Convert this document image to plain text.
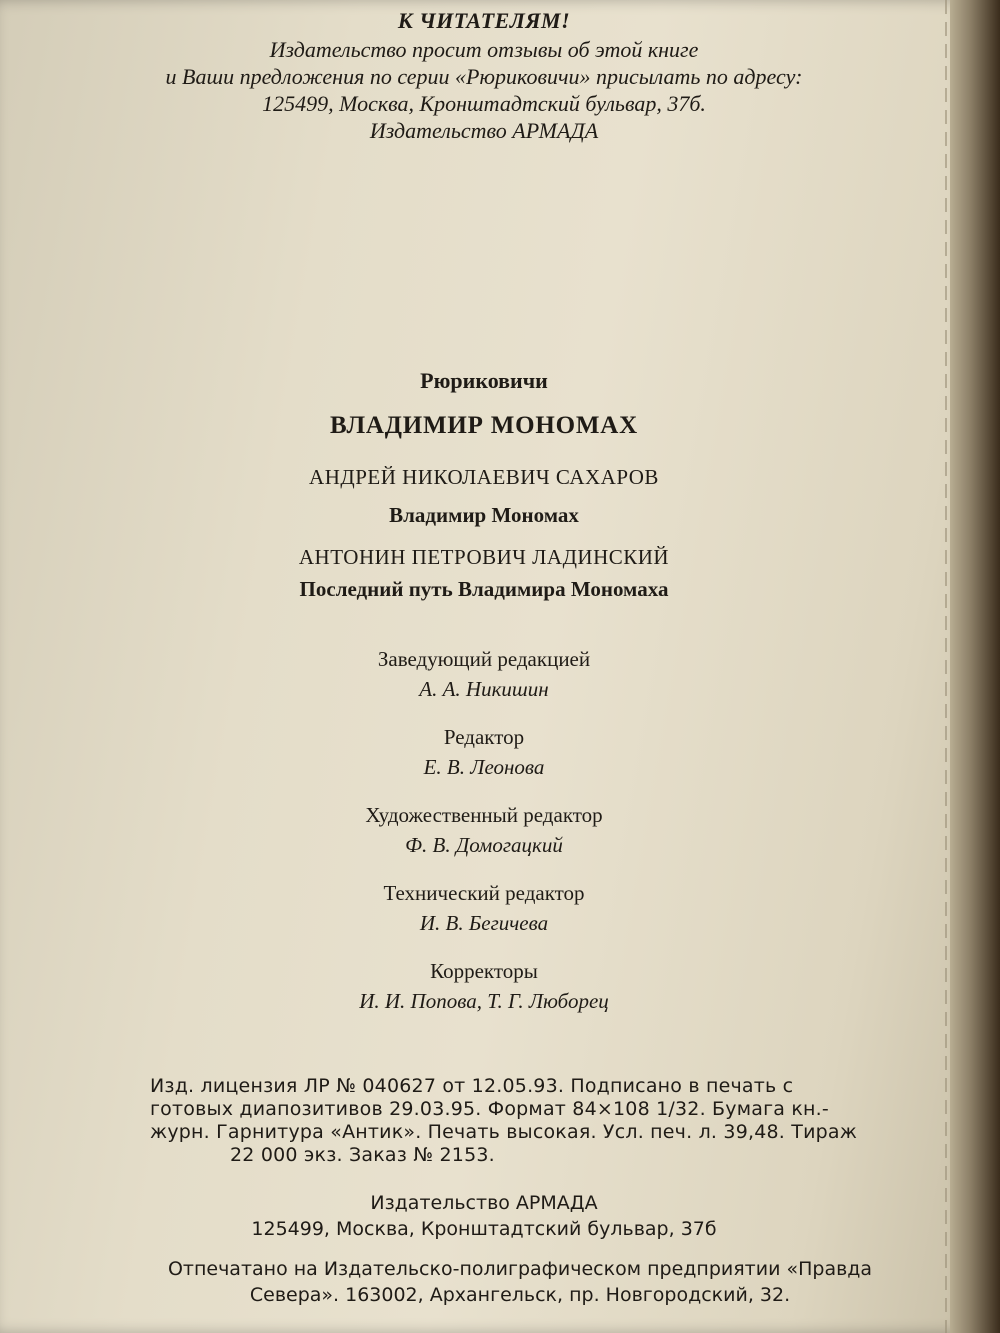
К ЧИТАТЕЛЯМ!
Издательство просит отзывы об этой книге
и Ваши предложения по серии «Рюриковичи» присылать по адресу:
125499, Москва, Кронштадтский бульвар, 37б.
Издательство АРМАДА
Рюриковичи
ВЛАДИМИР МОНОМАХ
АНДРЕЙ НИКОЛАЕВИЧ САХАРОВ
Владимир Мономах
АНТОНИН ПЕТРОВИЧ ЛАДИНСКИЙ
Последний путь Владимира Мономаха
Заведующий редакцией
А. А. Никишин
Редактор
Е. В. Леонова
Художественный редактор
Ф. В. Домогацкий
Технический редактор
И. В. Бегичева
Корректоры
И. И. Попова, Т. Г. Люборец
Изд. лицензия ЛР № 040627 от 12.05.93. Подписано в печать с
готовых диапозитивов 29.03.95. Формат 84×108 1/32. Бумага кн.-
журн. Гарнитура «Антик». Печать высокая. Усл. печ. л. 39,48. Тираж
22 000 экз. Заказ № 2153.
Издательство АРМАДА
125499, Москва, Кронштадтский бульвар, 37б
Отпечатано на Издательско-полиграфическом предприятии «Правда
Севера». 163002, Архангельск, пр. Новгородский, 32.
